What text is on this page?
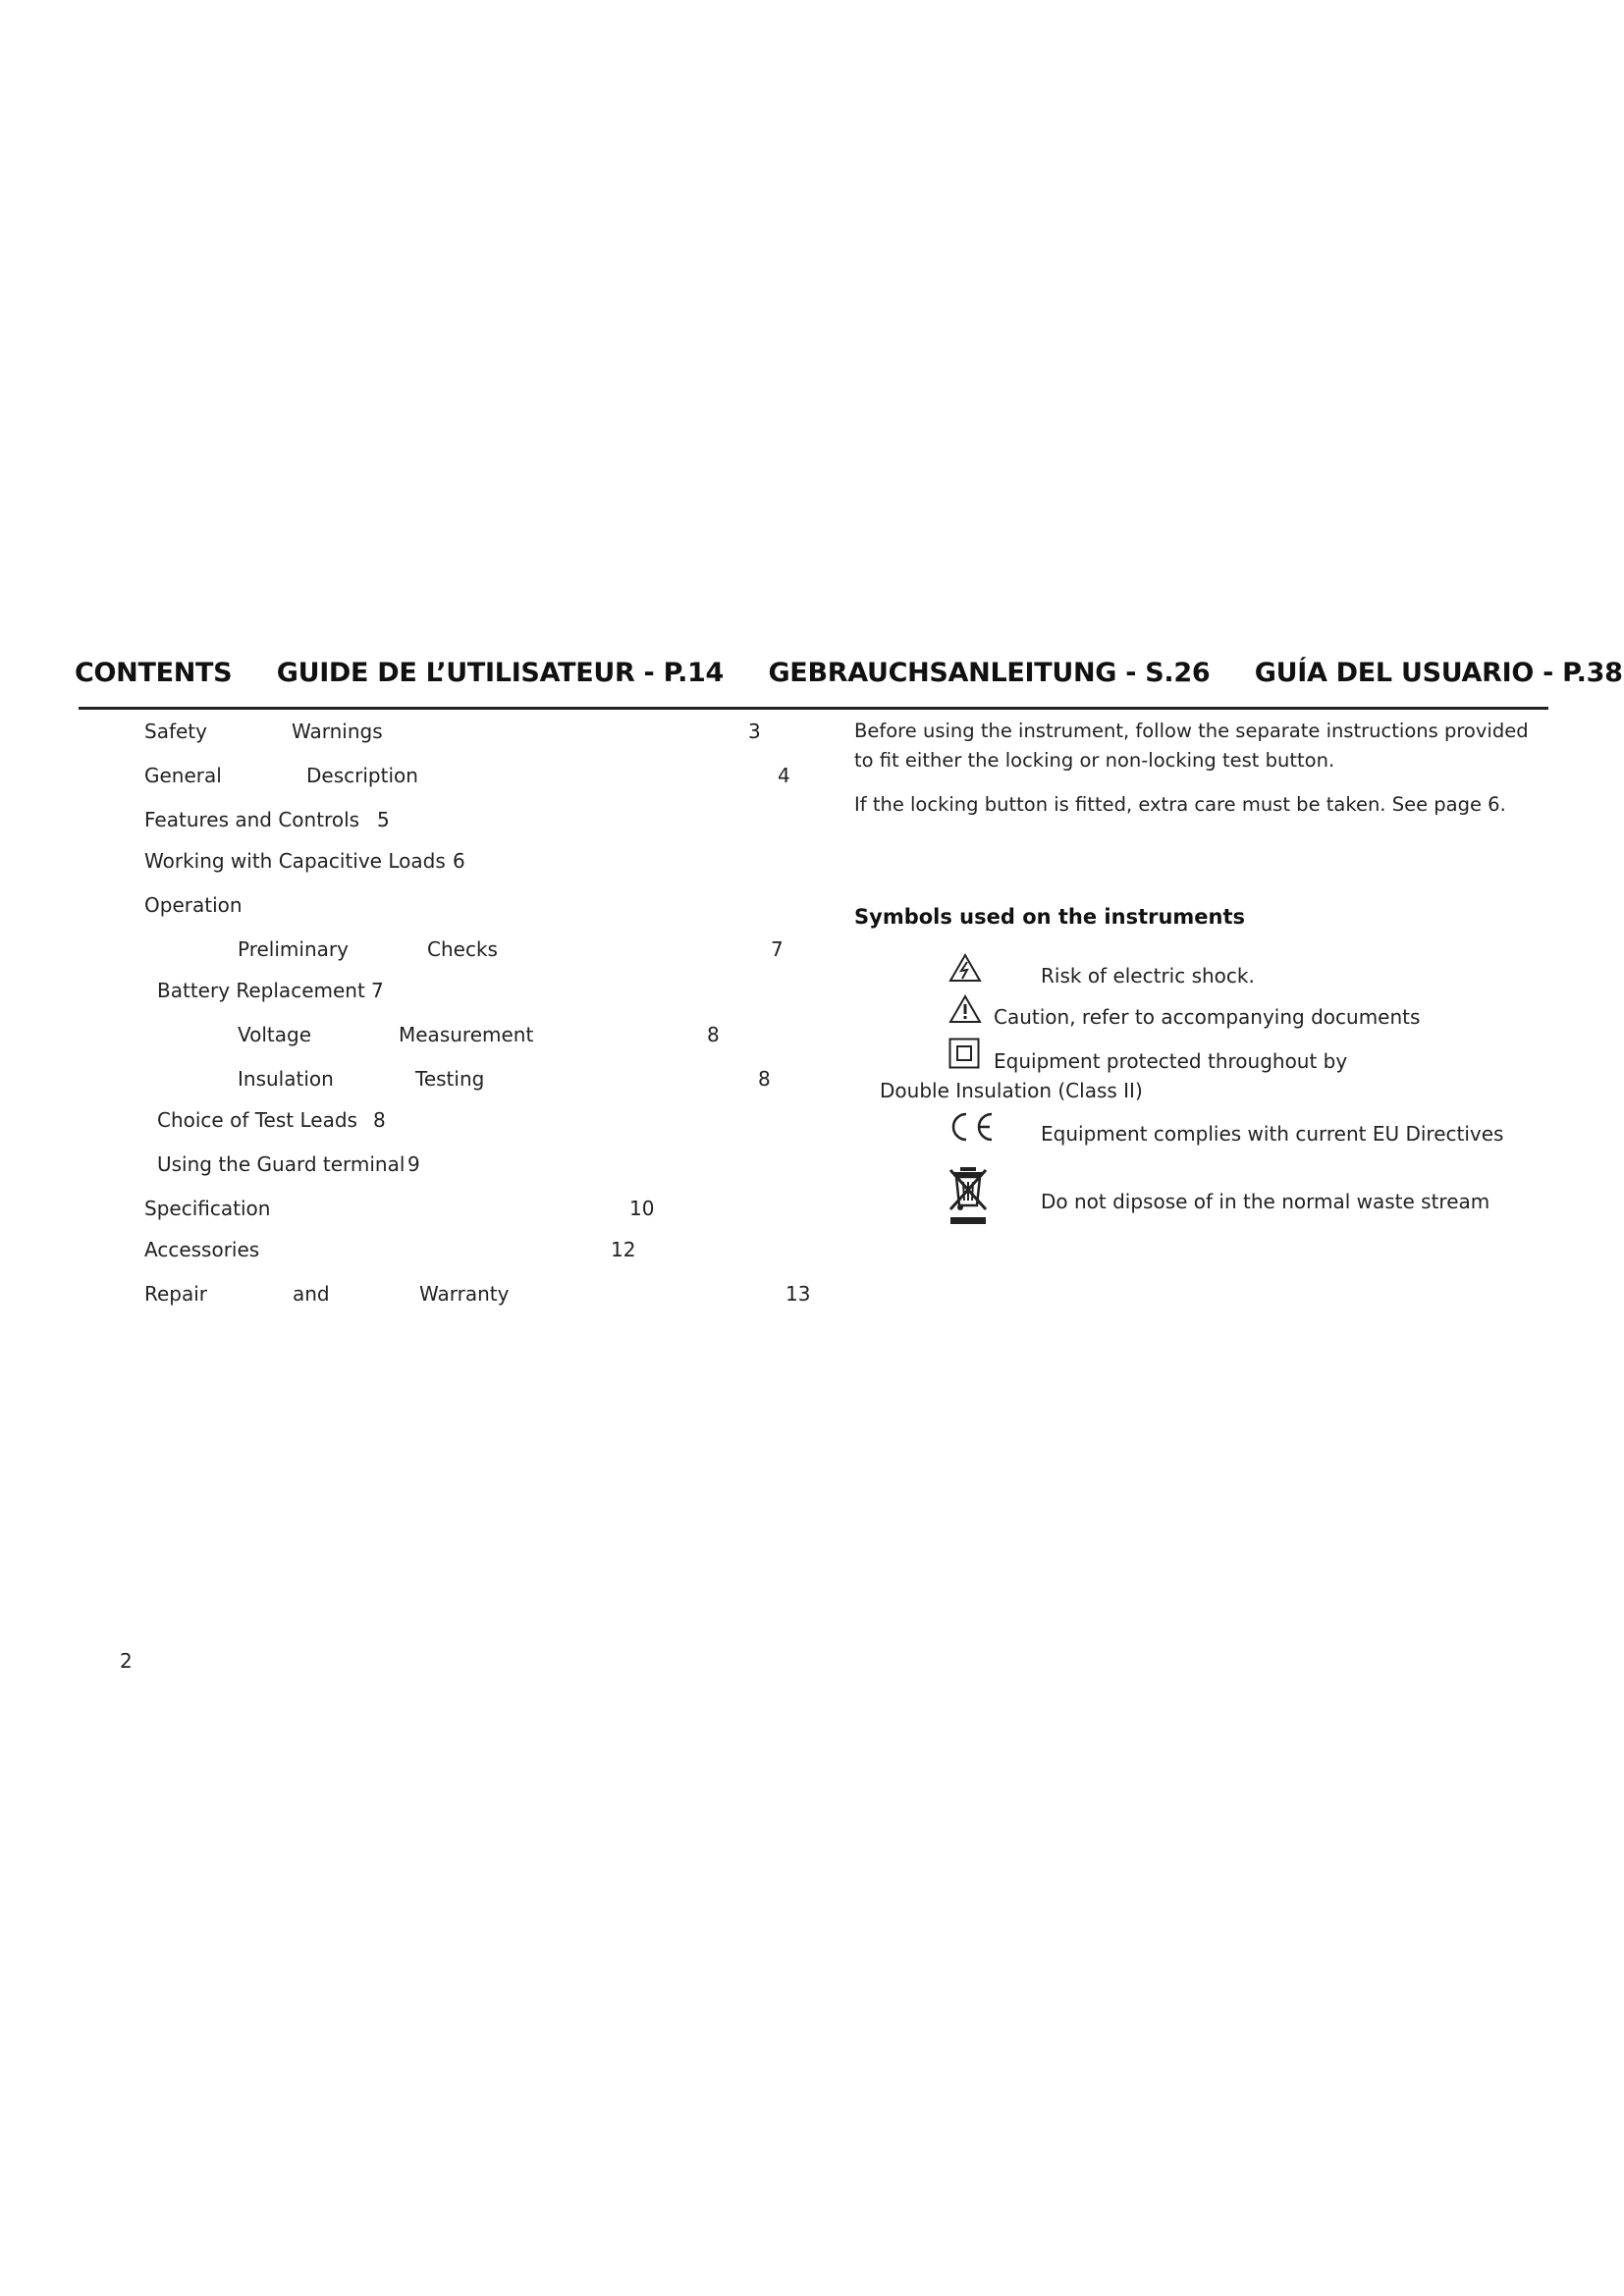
CONTENTS GUIDE DE L’UTILISATEUR - P.14 GEBRAUCHSANLEITUNG - S.26 GUÍA DEL USUARIO - P.38
Safety	Warnings	3
General	Description	4
Features and Controls 5
Working with Capacitive Loads 6
Operation
Preliminary	Checks	7
Battery Replacement 7
Voltage	Measurement	8
Insulation	Testing	8
Choice of Test Leads 8
Using the Guard terminal 9
Specification	10
Accessories	12
Repair	and	Warranty	13
Before using the instrument, follow the separate instructions provided to fit either the locking or non-locking test button.
If the locking button is fitted, extra care must be taken. See page 6.
Symbols used on the instruments
Risk of electric shock.
Caution, refer to accompanying documents
Equipment protected throughout by
Double Insulation (Class II)
Equipment complies with current EU Directives
Do not dipsose of in the normal waste stream
2
